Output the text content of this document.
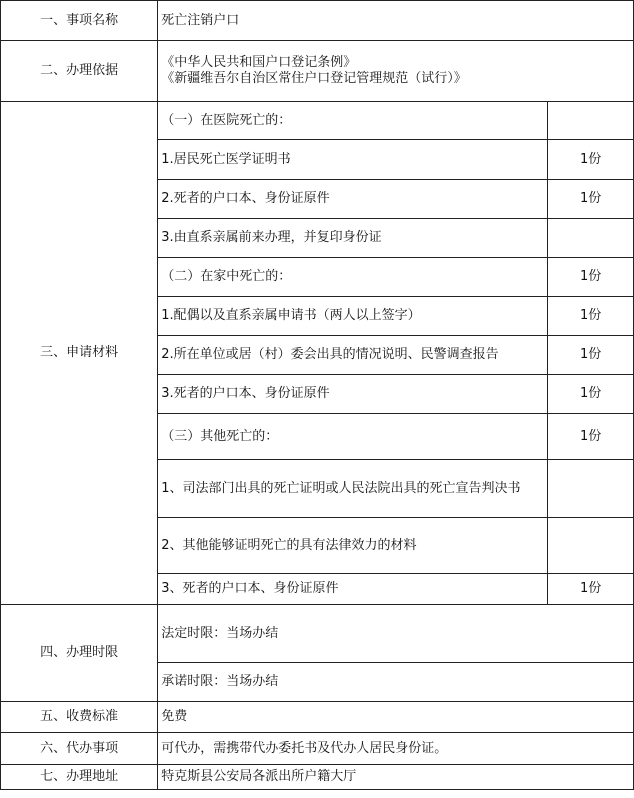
一、事项名称	死亡注销户口	
二、办理依据	《中华人民共和国户口登记条例》
《新疆维吾尔自治区常住户口登记管理规范（试行）》	

三、申请材料	（一）在医院死亡的：	
	1.居民死亡医学证明书	1份
	2.死者的户口本、身份证原件	1份
	3.由直系亲属前来办理，并复印身份证	
	（二）在家中死亡的：	1份
	1.配偶以及直系亲属申请书（两人以上签字）	1份
	2.所在单位或居（村）委会出具的情况说明、民警调查报告	1份
	3.死者的户口本、身份证原件	1份
	（三）其他死亡的：	1份
	1、司法部门出具的死亡证明或人民法院出具的死亡宣告判决书	
	2、其他能够证明死亡的具有法律效力的材料	
	3、死者的户口本、身份证原件	1份
四、办理时限	法定时限：当场办结	
	承诺时限：当场办结	
五、收费标准	免费	
六、代办事项	可代办，需携带代办委托书及代办人居民身份证。	
七、办理地址	特克斯县公安局各派出所户籍大厅	
